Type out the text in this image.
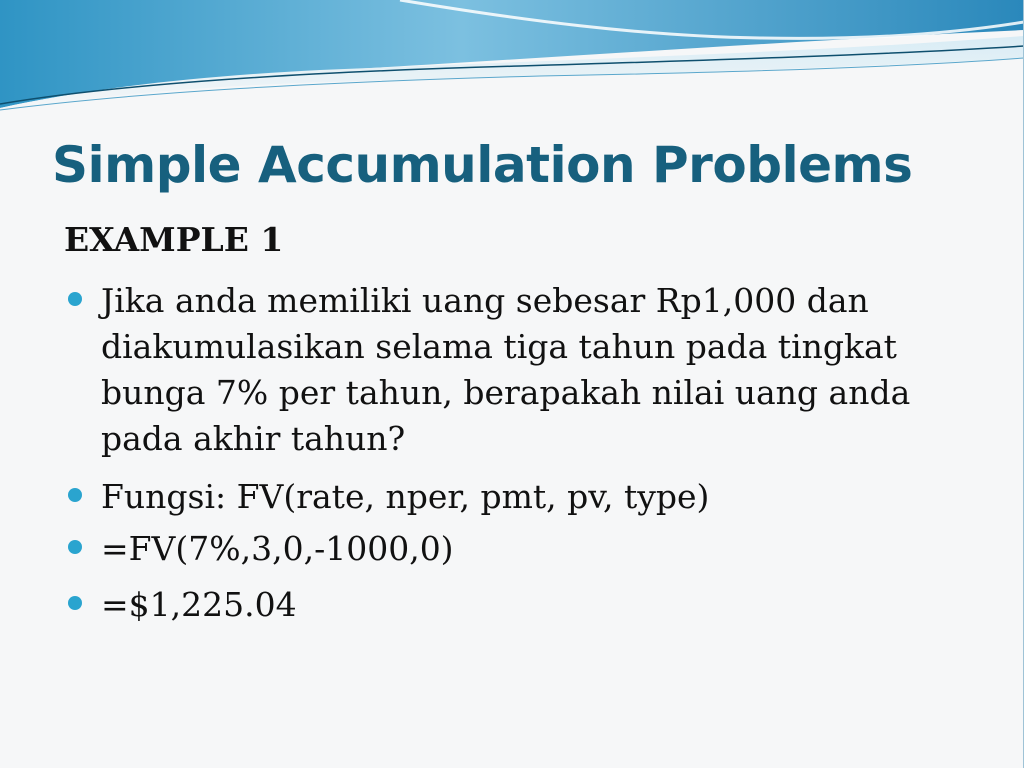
Simple Accumulation Problems
EXAMPLE 1
Jika anda memiliki uang sebesar Rp1,000 dan diakumulasikan selama tiga tahun pada tingkat bunga 7% per tahun, berapakah nilai uang anda pada akhir tahun?
Fungsi: FV(rate, nper, pmt, pv, type)
=FV(7%,3,0,-1000,0)
=$1,225.04
